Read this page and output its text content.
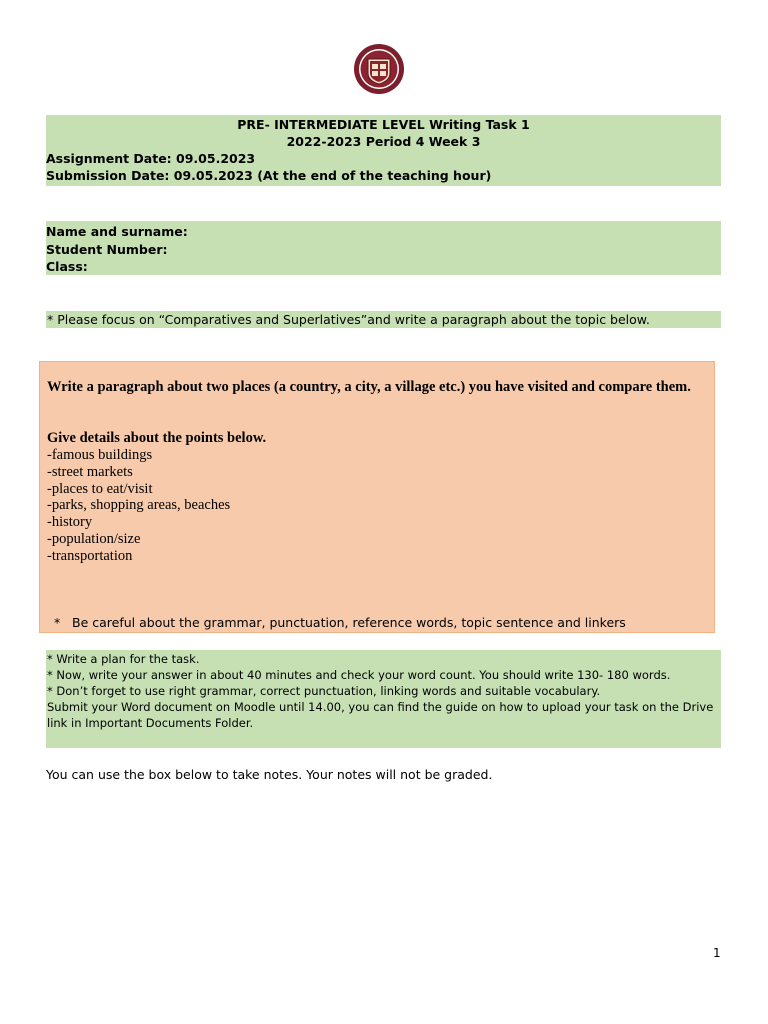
PRE- INTERMEDIATE LEVEL Writing Task 1
2022-2023 Period 4 Week 3
Assignment Date: 09.05.2023
Submission Date: 09.05.2023 (At the end of the teaching hour)
Name and surname:
Student Number:
Class:
* Please focus on “Comparatives and Superlatives”and write a paragraph about the topic below.
Write a paragraph about two places (a country, a city, a village etc.) you have visited and compare them.
Give details about the points below.
-famous buildings
-street markets
-places to eat/visit
-parks, shopping areas, beaches
-history
-population/size
-transportation
* Be careful about the grammar, punctuation, reference words, topic sentence and linkers
* Write a plan for the task.
* Now, write your answer in about 40 minutes and check your word count. You should write 130- 180 words.
* Don’t forget to use right grammar, correct punctuation, linking words and suitable vocabulary.
Submit your Word document on Moodle until 14.00, you can find the guide on how to upload your task on the Drive link in Important Documents Folder.
You can use the box below to take notes. Your notes will not be graded.
1
